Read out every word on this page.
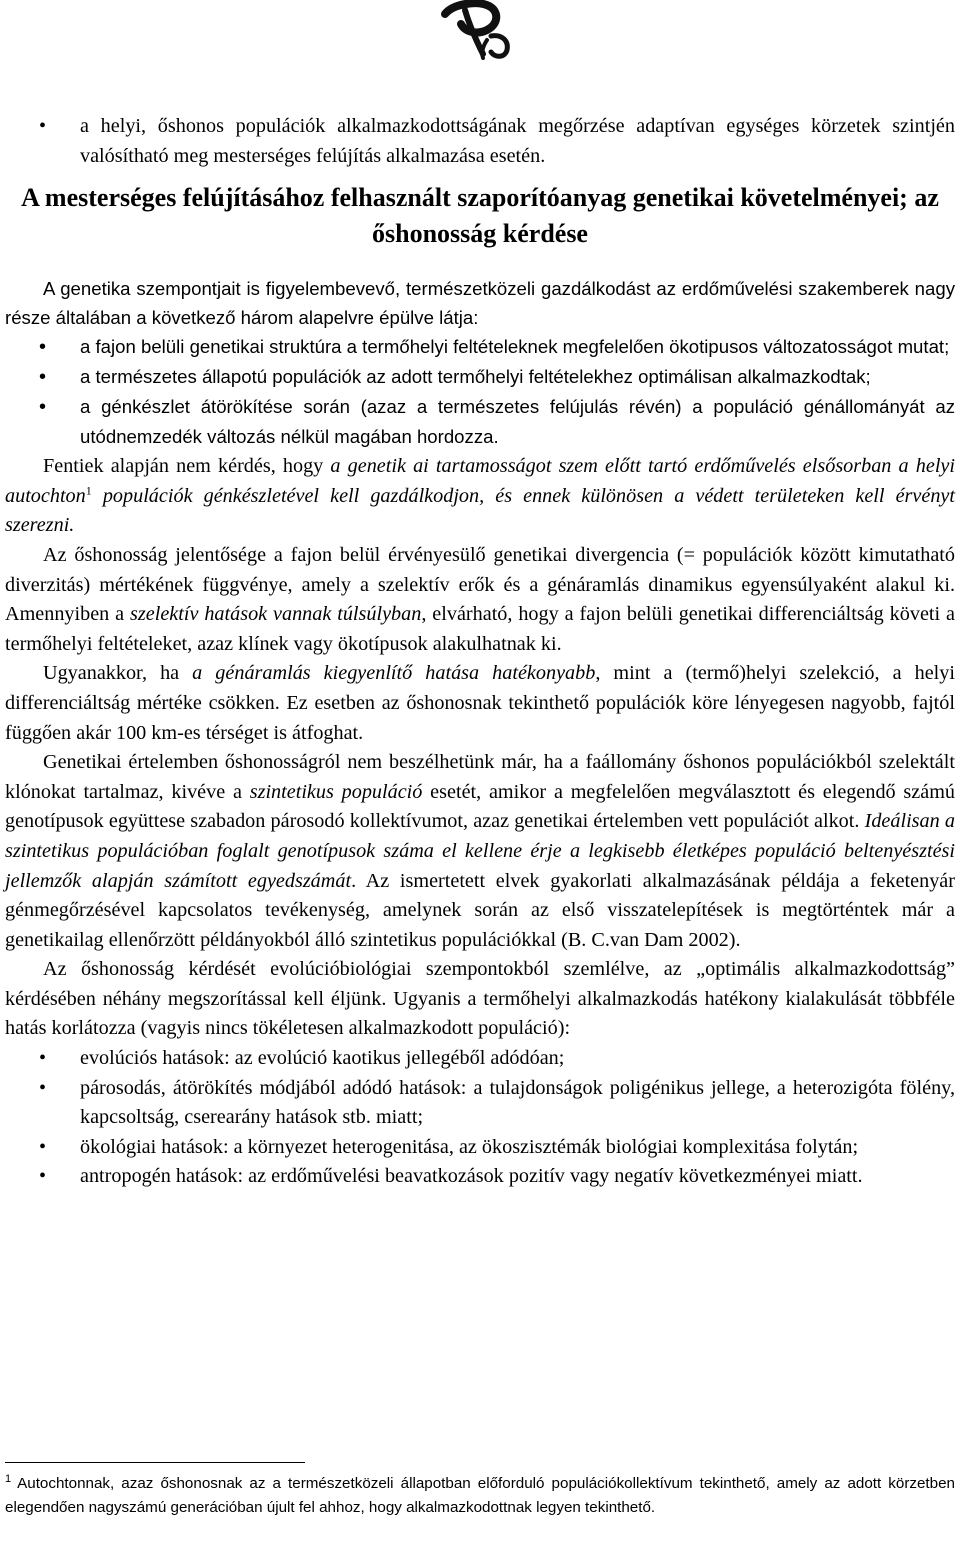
• a helyi, őshonos populációk alkalmazkodottságának megőrzése adaptívan egységes körzetek szintjén valósítható meg mesterséges felújítás alkalmazása esetén.
A mesterséges felújításához felhasznált szaporítóanyag genetikai követelményei; az őshonosság kérdése

A genetika szempontjait is figyelembevevő, természetközeli gazdálkodást az erdőművelési szakemberek nagy része általában a következő három alapelvre épülve látja:

• a fajon belüli genetikai struktúra a termőhelyi feltételeknek megfelelően ökotipusos változatosságot mutat;
• a természetes állapotú populációk az adott termőhelyi feltételekhez optimálisan alkalmazkodtak;
• a génkészlet átörökítése során (azaz a természetes felújulás révén) a populáció génállományát az utódnemzedék változás nélkül magában hordozza.

Fentiek alapján nem kérdés, hogy a genetik ai tartamosságot szem előtt tartó erdőművelés elsősorban a helyi autochton$^1$ populációk génkészletével kell gazdálkodjon, és ennek különösen a védett területeken kell érvényt szerezni.

Az őshonosság jelentősége a fajon belül érvényesülő genetikai divergencia (= populációk között kimutatható diverzitás) mértékének függvénye, amely a szelektív erők és a génáramlás dinamikus egyensúlyaként alakul ki. Amennyiben a szelektív hatások vannak túlsúlyban, elvárható, hogy a fajon belüli genetikai differenciáltság követi a termőhelyi feltételeket, azaz klínek vagy ökotípusok alakulhatnak ki.

Ugyanakkor, ha a génáramlás kiegyenlítő hatása hatékonyabb, mint a (termő)helyi szelekció, a helyi differenciáltság mértéke csökken. Ez esetben az őshonosnak tekinthető populációk köre lényegesen nagyobb, fajtól függően akár 100 km-es térséget is átfoghat.

Genetikai értelemben őshonosságról nem beszélhetünk már, ha a faállomány őshonos populációkból szelektált klónokat tartalmaz, kivéve a szintetikus populáció esetét, amikor a megfelelően megválasztott és elegendő számú genotípusok együttese szabadon párosodó kollektívumot, azaz genetikai értelemben vett populációt alkot. Ideálisan a szintetikus populációban foglalt genotípusok száma el kellene érje a legkisebb életképes populáció beltenyésztési jellemzők alapján számított egyedszámát. Az ismertetett elvek gyakorlati alkalmazásának példája a feketenyár génmegőrzésével kapcsolatos tevékenység, amelynek során az első visszatelepítések is megtörténtek már a genetikailag ellenőrzött példányokból álló szintetikus populációkkal (B. C.van Dam 2002).

Az őshonosság kérdését evolúcióbiológiai szempontokból szemlélve, az „optimális alkalmazkodottság” kérdésében néhány megszorítással kell éljünk. Ugyanis a termőhelyi alkalmazkodás hatékony kialakulását többféle hatás korlátozza (vagyis nincs tökéletesen alkalmazkodott populáció):

• evolúciós hatások: az evolúció kaotikus jellegéből adódóan;
• párosodás, átörökítés módjából adódó hatások: a tulajdonságok poligénikus jellege, a heterozigóta fölény, kapcsoltság, cserearány hatások stb. miatt;
• ökológiai hatások: a környezet heterogenitása, az ökoszisztémák biológiai komplexitása folytán;
• antropogén hatások: az erdőművelési beavatkozások pozitív vagy negatív következményei miatt.
$^1$ Autochtonnak, azaz őshonosnak az a természetközeli állapotban előforduló populációkollektívum tekinthető, amely az adott körzetben elegendően nagyszámú generációban újult fel ahhoz, hogy alkalmazkodottnak legyen tekinthető.
